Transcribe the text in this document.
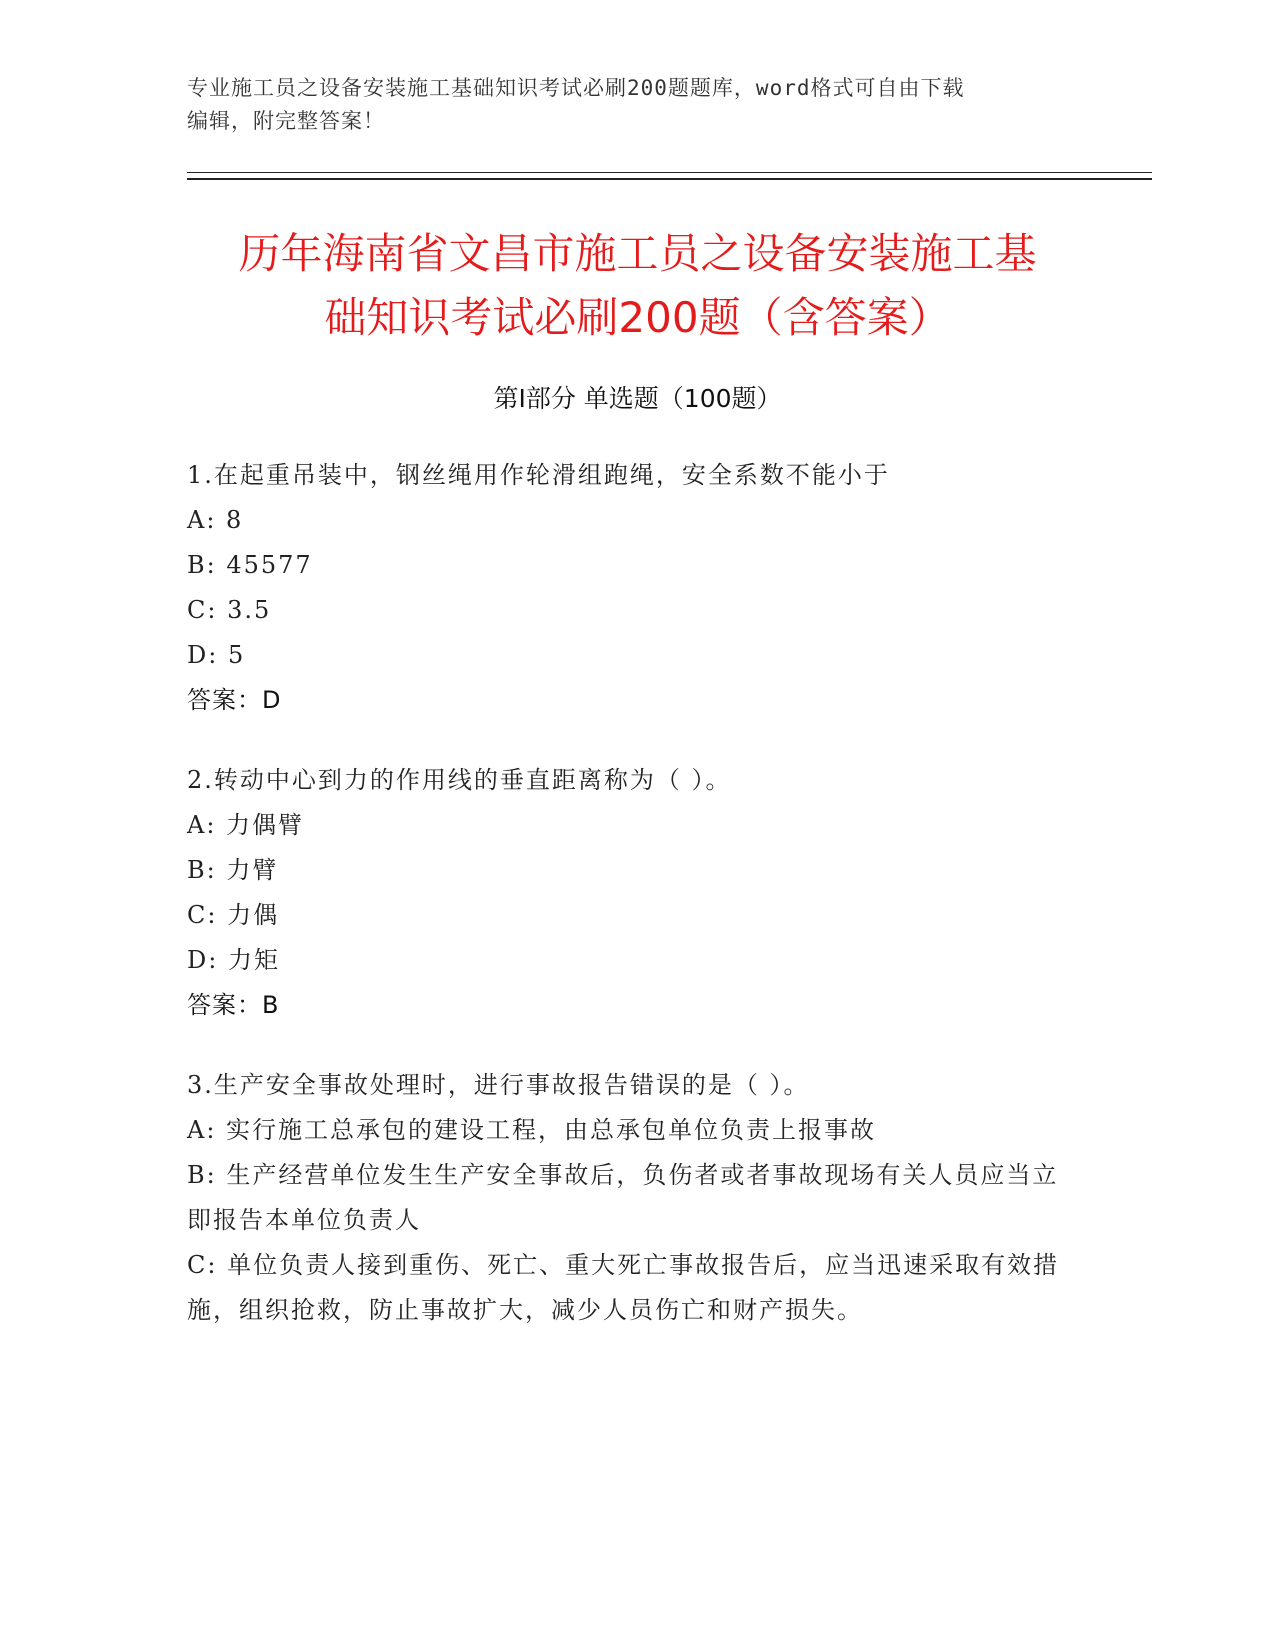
专业施工员之设备安装施工基础知识考试必刷200题题库，word格式可自由下载
编辑，附完整答案！
历年海南省文昌市施工员之设备安装施工基
础知识考试必刷200题（含答案）
第Ⅰ部分 单选题（100题）
1.在起重吊装中，钢丝绳用作轮滑组跑绳，安全系数不能小于
A: 8
B: 45577
C: 3.5
D: 5
答案：D
2.转动中心到力的作用线的垂直距离称为（ ）。
A: 力偶臂
B: 力臂
C: 力偶
D: 力矩
答案：B
3.生产安全事故处理时，进行事故报告错误的是（ ）。
A: 实行施工总承包的建设工程，由总承包单位负责上报事故
B: 生产经营单位发生生产安全事故后，负伤者或者事故现场有关人员应当立即报告本单位负责人
C: 单位负责人接到重伤、死亡、重大死亡事故报告后，应当迅速采取有效措施，组织抢救，防止事故扩大，减少人员伤亡和财产损失。
